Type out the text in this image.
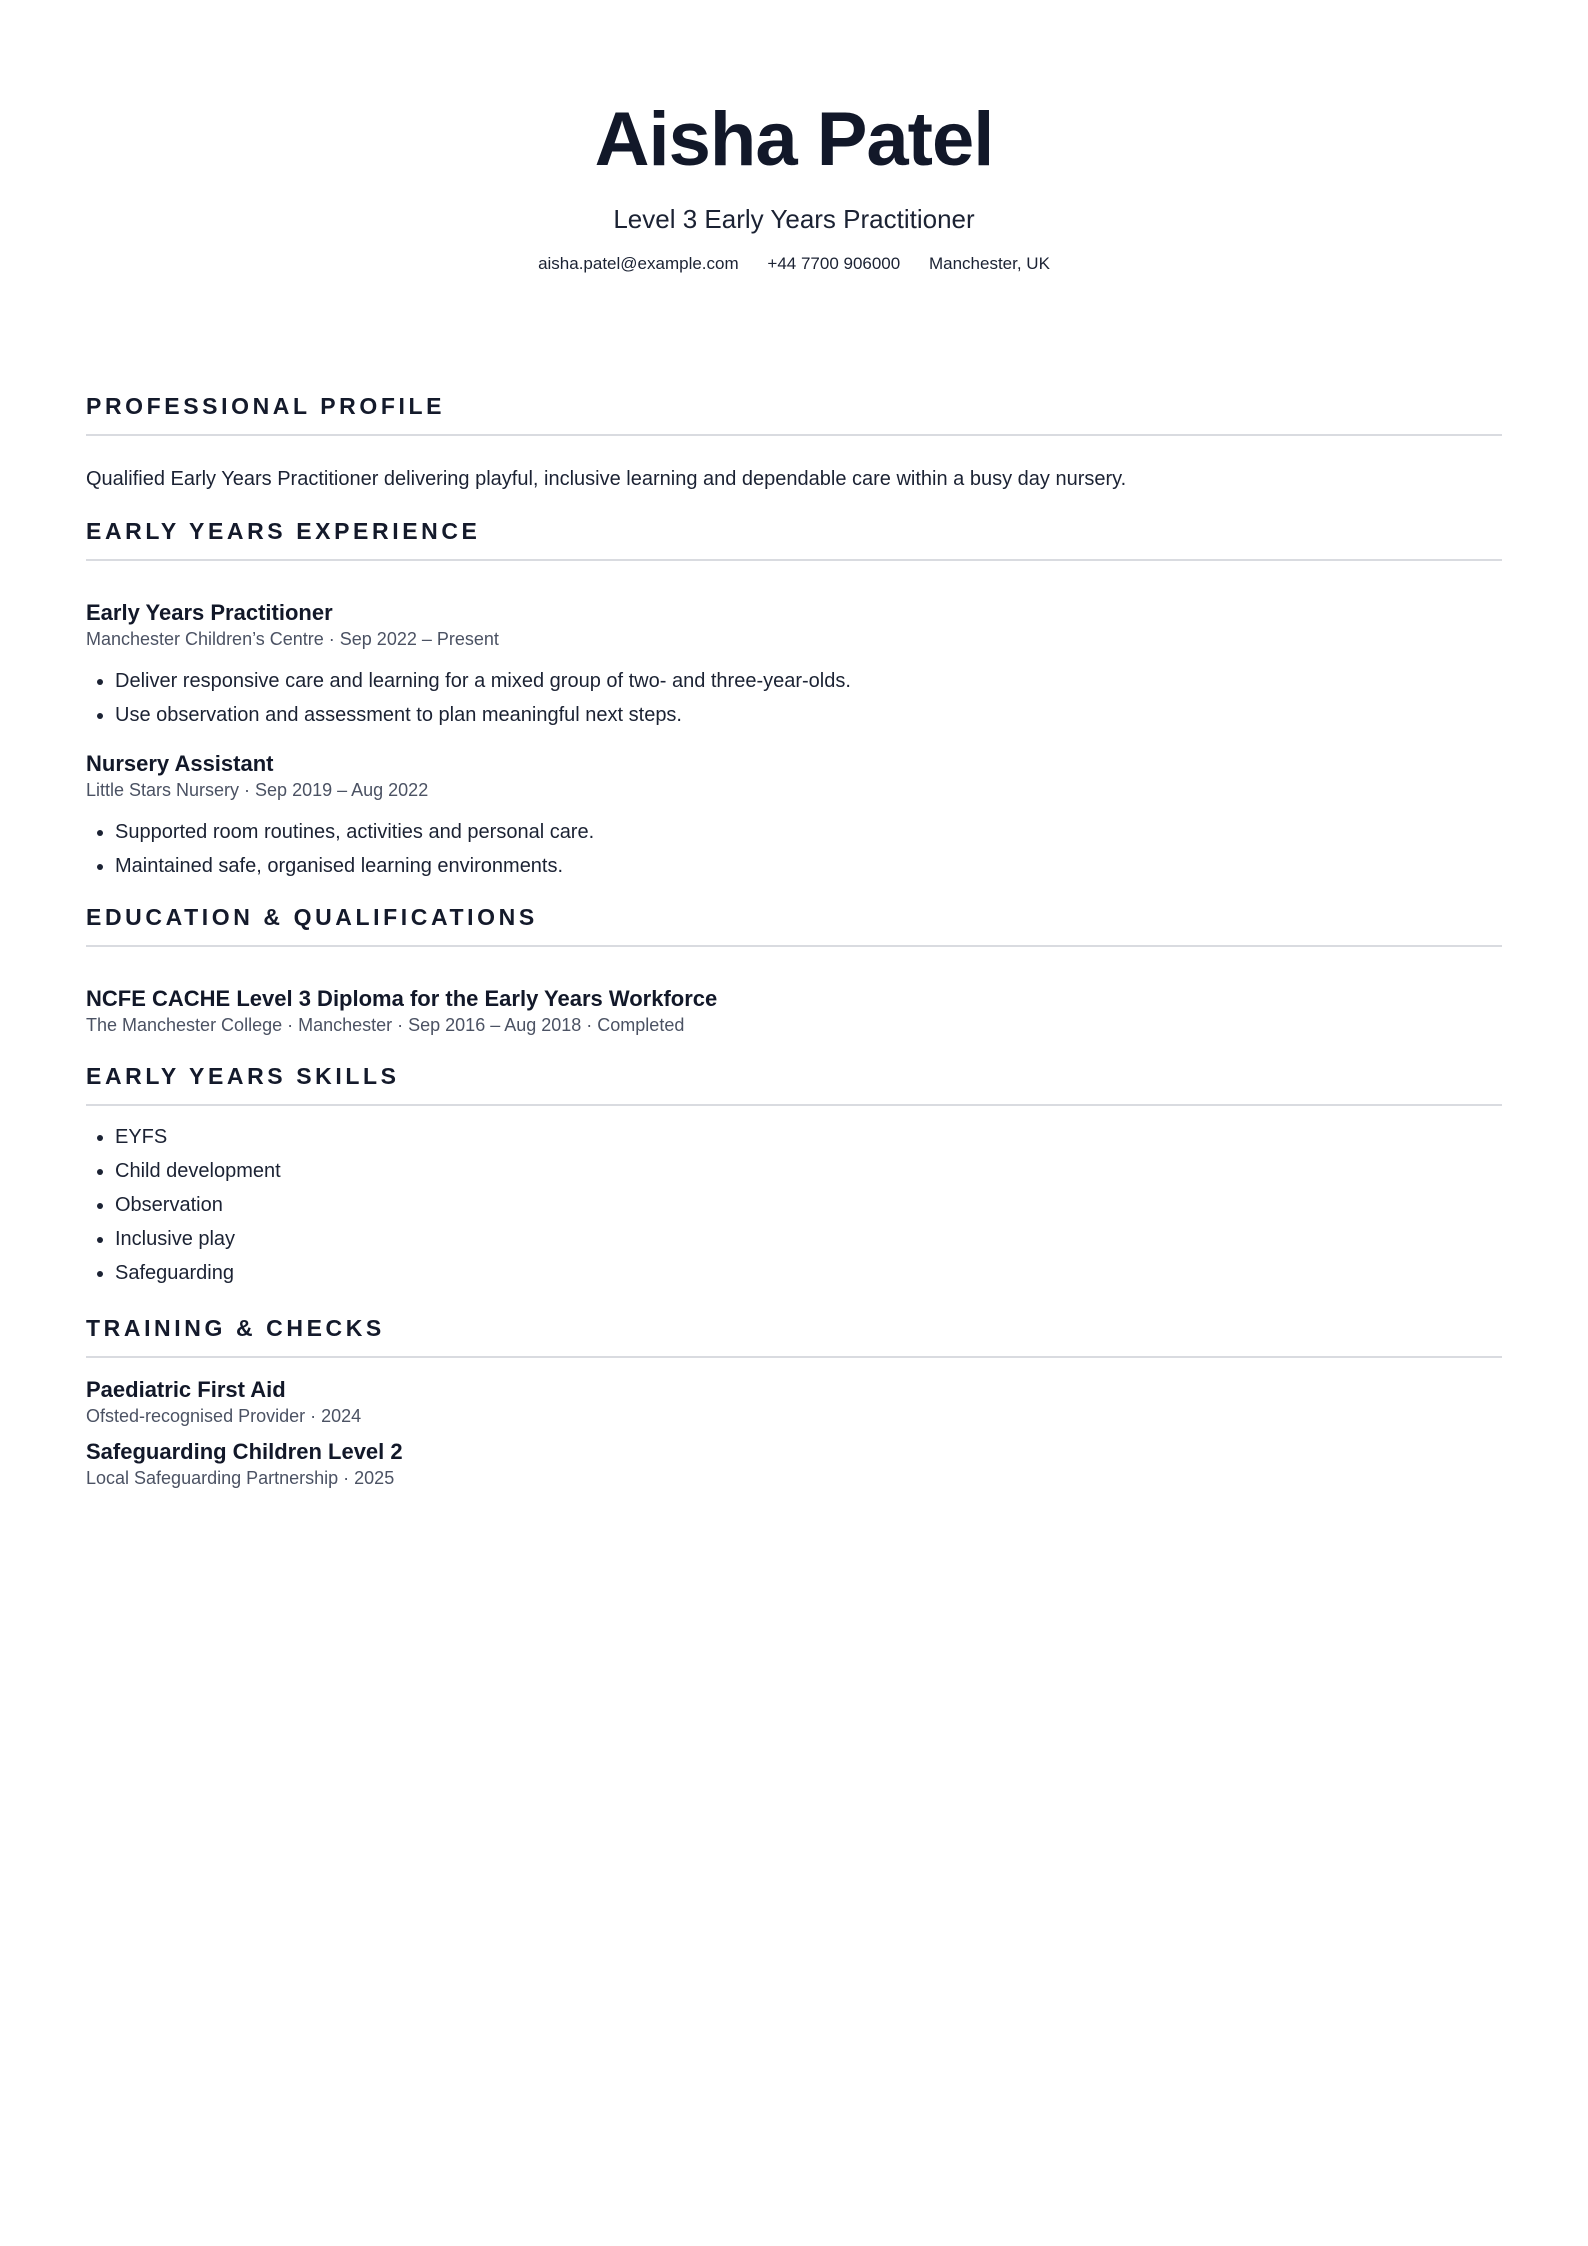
Aisha Patel
Level 3 Early Years Practitioner
aisha.patel@example.com +44 7700 906000 Manchester, UK
PROFESSIONAL PROFILE
Qualified Early Years Practitioner delivering playful, inclusive learning and dependable care within a busy day nursery.
EARLY YEARS EXPERIENCE
Early Years Practitioner
Manchester Children’s Centre · Sep 2022 – Present
• Deliver responsive care and learning for a mixed group of two- and three-year-olds.
• Use observation and assessment to plan meaningful next steps.
Nursery Assistant
Little Stars Nursery · Sep 2019 – Aug 2022
• Supported room routines, activities and personal care.
• Maintained safe, organised learning environments.
EDUCATION & QUALIFICATIONS
NCFE CACHE Level 3 Diploma for the Early Years Workforce
The Manchester College · Manchester · Sep 2016 – Aug 2018 · Completed
EARLY YEARS SKILLS
• EYFS
• Child development
• Observation
• Inclusive play
• Safeguarding
TRAINING & CHECKS
Paediatric First Aid
Ofsted-recognised Provider · 2024
Safeguarding Children Level 2
Local Safeguarding Partnership · 2025
